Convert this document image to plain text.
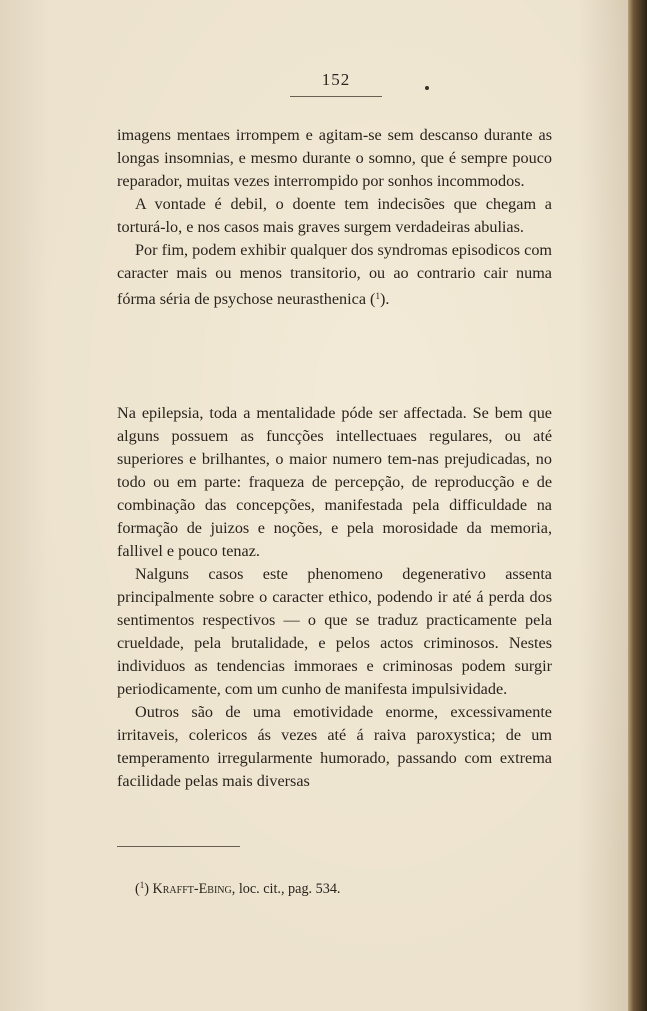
152

imagens mentaes irrompem e agitam-se sem descanso durante as longas insomnias, e mesmo durante o somno, que é sempre pouco reparador, muitas vezes interrompido por sonhos incommodos.

A vontade é debil, o doente tem indecisões que chegam a torturá-lo, e nos casos mais graves surgem verdadeiras abulias.

Por fim, podem exhibir qualquer dos syndromas episodicos com caracter mais ou menos transitorio, ou ao contrario cair numa fórma séria de psychose neurasthenica ($^1$).

Na epilepsia, toda a mentalidade póde ser affectada. Se bem que alguns possuem as funcções intellectuaes regulares, ou até superiores e brilhantes, o maior numero tem-nas prejudicadas, no todo ou em parte: fraqueza de percepção, de reproducção e de combinação das concepções, manifestada pela difficuldade na formação de juizos e noções, e pela morosidade da memoria, fallivel e pouco tenaz.

Nalguns casos este phenomeno degenerativo assenta principalmente sobre o caracter ethico, podendo ir até á perda dos sentimentos respectivos — o que se traduz practicamente pela crueldade, pela brutalidade, e pelos actos criminosos. Nestes individuos as tendencias immoraes e criminosas podem surgir periodicamente, com um cunho de manifesta impulsividade.

Outros são de uma emotividade enorme, excessivamente irritaveis, colericos ás vezes até á raiva paroxystica; de um temperamento irregularmente humorado, passando com extrema facilidade pelas mais diversas

($^1$) Krafft-Ebing, loc. cit., pag. 534.
